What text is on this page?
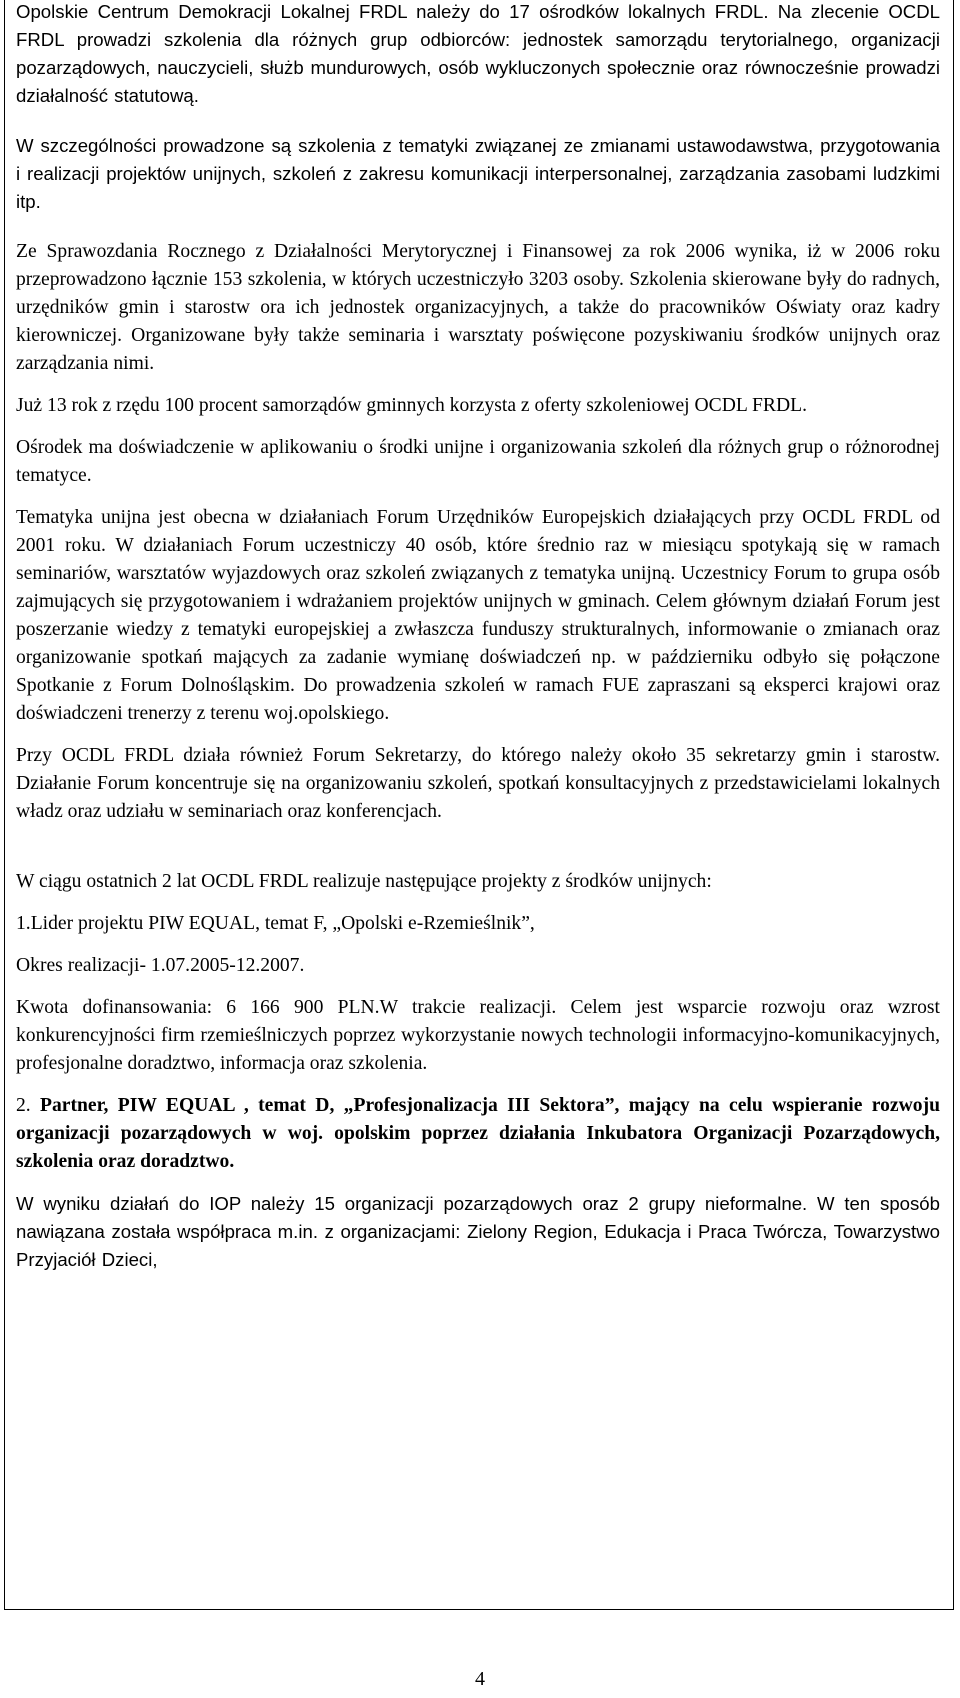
Opolskie Centrum Demokracji Lokalnej FRDL należy do 17 ośrodków lokalnych FRDL. Na zlecenie OCDL FRDL prowadzi szkolenia dla różnych grup odbiorców: jednostek samorządu terytorialnego, organizacji pozarządowych, nauczycieli, służb mundurowych, osób wykluczonych społecznie oraz równocześnie prowadzi działalność statutową.

W szczególności prowadzone są szkolenia z tematyki związanej ze zmianami ustawodawstwa, przygotowania i realizacji projektów unijnych, szkoleń z zakresu komunikacji interpersonalnej, zarządzania zasobami ludzkimi itp.

Ze Sprawozdania Rocznego z Działalności Merytorycznej i Finansowej za rok 2006 wynika, iż w 2006 roku przeprowadzono łącznie 153 szkolenia, w których uczestniczyło 3203 osoby. Szkolenia skierowane były do radnych, urzędników gmin i starostw ora ich jednostek organizacyjnych, a także do pracowników Oświaty oraz kadry kierowniczej. Organizowane były także seminaria i warsztaty poświęcone pozyskiwaniu środków unijnych oraz zarządzania nimi.

Już 13 rok z rzędu 100 procent samorządów gminnych korzysta z oferty szkoleniowej OCDL FRDL.

Ośrodek ma doświadczenie w aplikowaniu o środki unijne i organizowania szkoleń dla różnych grup o różnorodnej tematyce.

Tematyka unijna jest obecna w działaniach Forum Urzędników Europejskich działających przy OCDL FRDL od 2001 roku. W działaniach Forum uczestniczy 40 osób, które średnio raz w miesiącu spotykają się w ramach seminariów, warsztatów wyjazdowych oraz szkoleń związanych z tematyka unijną. Uczestnicy Forum to grupa osób zajmujących się przygotowaniem i wdrażaniem projektów unijnych w gminach. Celem głównym działań Forum jest poszerzanie wiedzy z tematyki europejskiej a zwłaszcza funduszy strukturalnych, informowanie o zmianach oraz organizowanie spotkań mających za zadanie wymianę doświadczeń np. w październiku odbyło się połączone Spotkanie z Forum Dolnośląskim. Do prowadzenia szkoleń w ramach FUE zapraszani są eksperci krajowi oraz doświadczeni trenerzy z terenu woj.opolskiego.

Przy OCDL FRDL działa również Forum Sekretarzy, do którego należy około 35 sekretarzy gmin i starostw. Działanie Forum koncentruje się na organizowaniu szkoleń, spotkań konsultacyjnych z przedstawicielami lokalnych władz oraz udziału w seminariach oraz konferencjach.

W ciągu ostatnich 2 lat OCDL FRDL realizuje następujące projekty z środków unijnych:

1.Lider projektu PIW EQUAL, temat F, „Opolski e-Rzemieślnik”,

Okres realizacji- 1.07.2005-12.2007.

Kwota dofinansowania: 6 166 900 PLN.W trakcie realizacji. Celem jest wsparcie rozwoju oraz wzrost konkurencyjności firm rzemieślniczych poprzez wykorzystanie nowych technologii informacyjno-komunikacyjnych, profesjonalne doradztwo, informacja oraz szkolenia.

2. Partner, PIW EQUAL , temat D, „Profesjonalizacja III Sektora”, mający na celu wspieranie rozwoju organizacji pozarządowych w woj. opolskim poprzez działania Inkubatora Organizacji Pozarządowych, szkolenia oraz doradztwo.

W wyniku działań do IOP należy 15 organizacji pozarządowych oraz 2 grupy nieformalne. W ten sposób nawiązana została współpraca m.in. z organizacjami: Zielony Region, Edukacja i Praca Twórcza, Towarzystwo Przyjaciół Dzieci,

4
